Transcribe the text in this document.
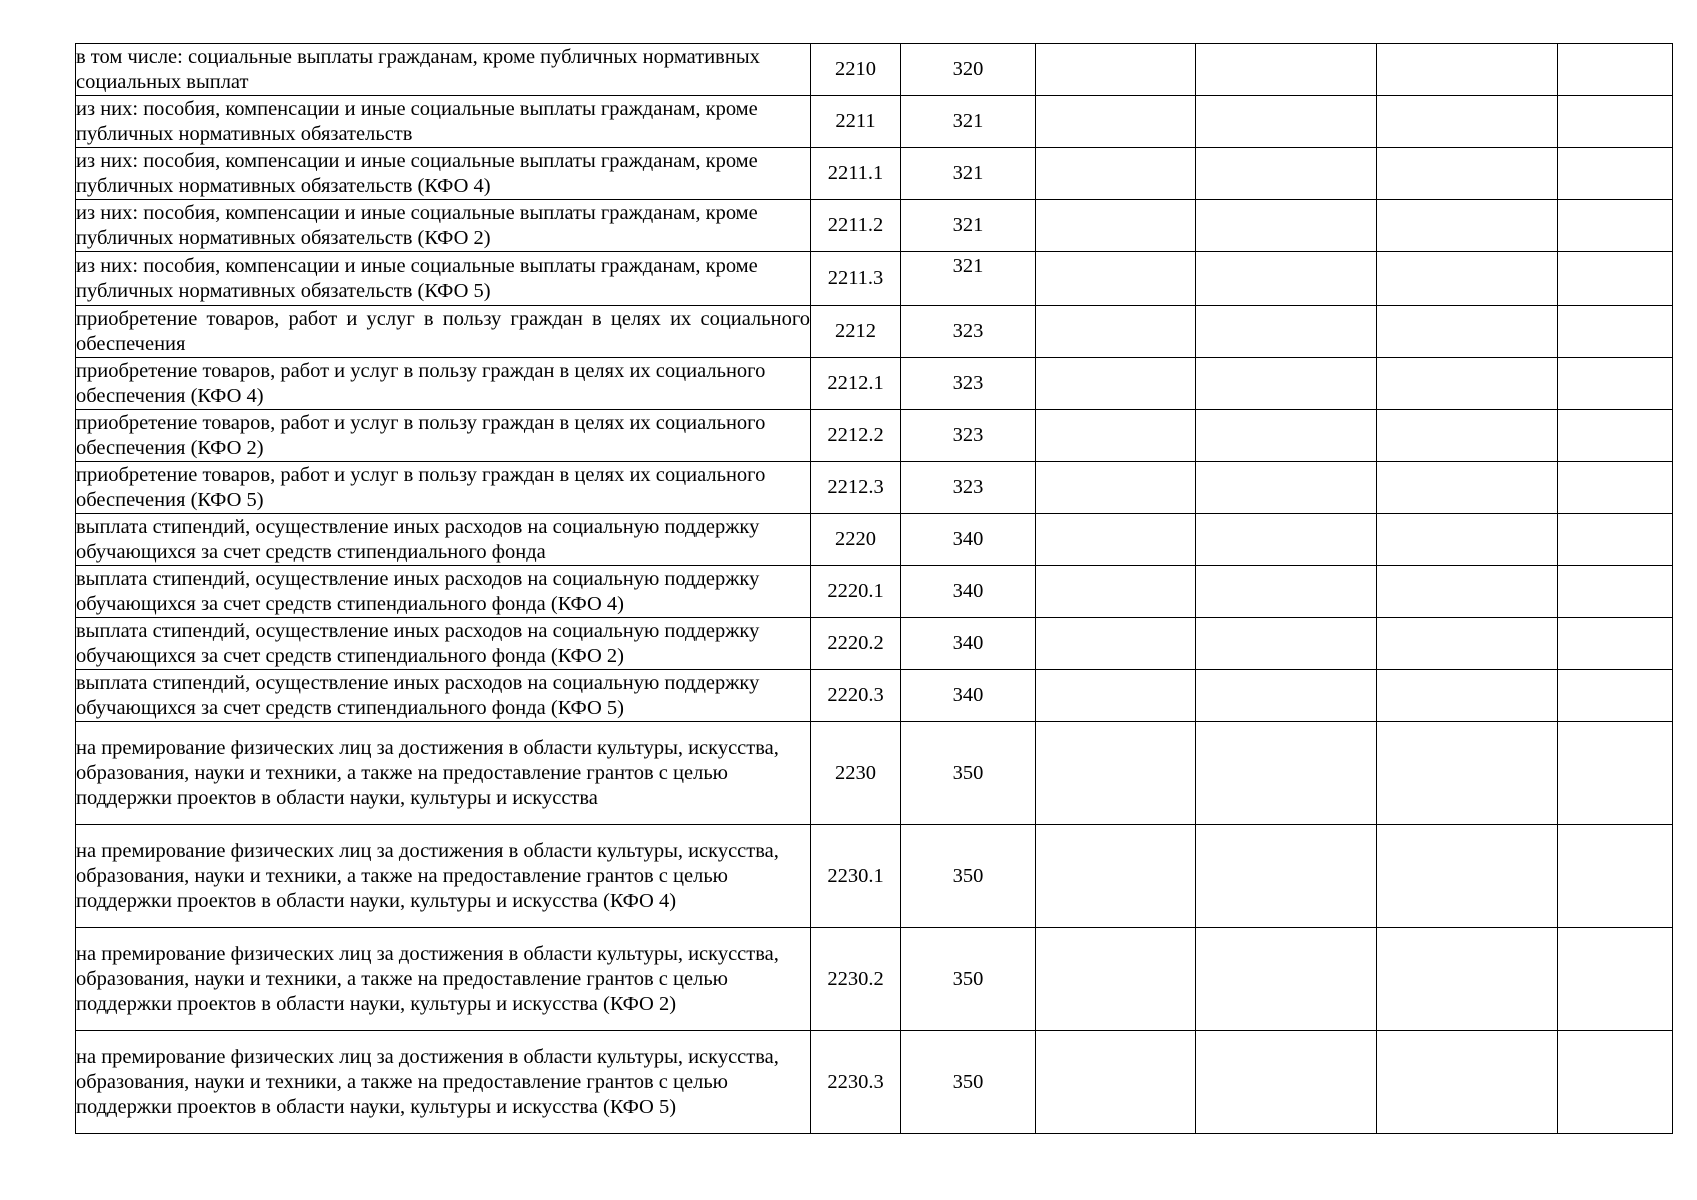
в том числе: социальные выплаты гражданам, кроме публичных нормативных социальных выплат	2210	320				
из них: пособия, компенсации и иные социальные выплаты гражданам, кроме публичных нормативных обязательств	2211	321				
из них: пособия, компенсации и иные социальные выплаты гражданам, кроме публичных нормативных обязательств (КФО 4)	2211.1	321				
из них: пособия, компенсации и иные социальные выплаты гражданам, кроме публичных нормативных обязательств (КФО 2)	2211.2	321				
из них: пособия, компенсации и иные социальные выплаты гражданам, кроме публичных нормативных обязательств (КФО 5)	2211.3	321				
приобретение товаров, работ и услуг в пользу граждан в целях их социального обеспечения	2212	323				
приобретение товаров, работ и услуг в пользу граждан в целях их социального обеспечения (КФО 4)	2212.1	323				
приобретение товаров, работ и услуг в пользу граждан в целях их социального обеспечения (КФО 2)	2212.2	323				
приобретение товаров, работ и услуг в пользу граждан в целях их социального обеспечения (КФО 5)	2212.3	323				
выплата стипендий, осуществление иных расходов на социальную поддержку обучающихся за счет средств стипендиального фонда	2220	340				
выплата стипендий, осуществление иных расходов на социальную поддержку обучающихся за счет средств стипендиального фонда (КФО 4)	2220.1	340				
выплата стипендий, осуществление иных расходов на социальную поддержку обучающихся за счет средств стипендиального фонда (КФО 2)	2220.2	340				
выплата стипендий, осуществление иных расходов на социальную поддержку обучающихся за счет средств стипендиального фонда (КФО 5)	2220.3	340				
на премирование физических лиц за достижения в области культуры, искусства, образования, науки и техники, а также на предоставление грантов с целью поддержки проектов в области науки, культуры и искусства	2230	350				
на премирование физических лиц за достижения в области культуры, искусства, образования, науки и техники, а также на предоставление грантов с целью поддержки проектов в области науки, культуры и искусства (КФО 4)	2230.1	350				
на премирование физических лиц за достижения в области культуры, искусства, образования, науки и техники, а также на предоставление грантов с целью поддержки проектов в области науки, культуры и искусства (КФО 2)	2230.2	350				
на премирование физических лиц за достижения в области культуры, искусства, образования, науки и техники, а также на предоставление грантов с целью поддержки проектов в области науки, культуры и искусства (КФО 5)	2230.3	350				
